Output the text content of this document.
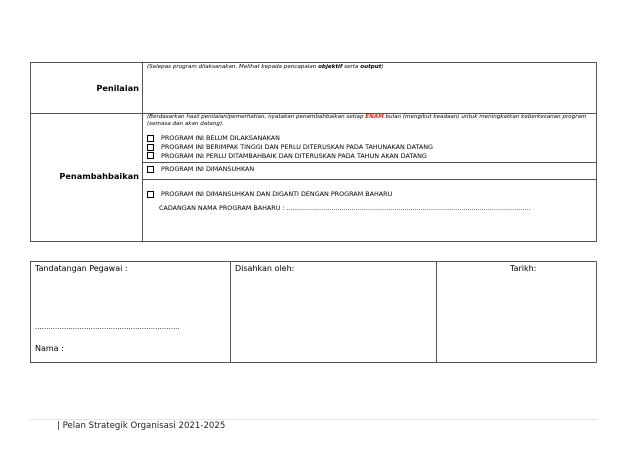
Penilaian
(Selepas program dilaksanakan. Melihat kepada pencapaian objektif serta output)
Penambahbaikan
(Berdasarkan hasil penilaian/pemerhatian, nyatakan penambahbaikan setiap ENAM bulan (mengikut keadaan) untuk meningkatkan keberkesanan program (semasa dan akan datang).
PROGRAM INI BELUM DILAKSANAKAN
PROGRAM INI BERIMPAK TINGGI DAN PERLU DITERUSKAN PADA TAHUNAKAN DATANG
PROGRAM INI PERLU DITAMBAHBAIK DAN DITERUSKAN PADA TAHUN AKAN DATANG
PROGRAM INI DIMANSUHKAN
PROGRAM INI DIMANSUHKAN DAN DIGANTI DENGAN PROGRAM BAHARU
CADANGAN NAMA PROGRAM BAHARU : ........................................................................................................................
Tandatangan Pegawai :
.................................................................
Nama :
Disahkan oleh:	Tarikh:
| Pelan Strategik Organisasi 2021-2025
